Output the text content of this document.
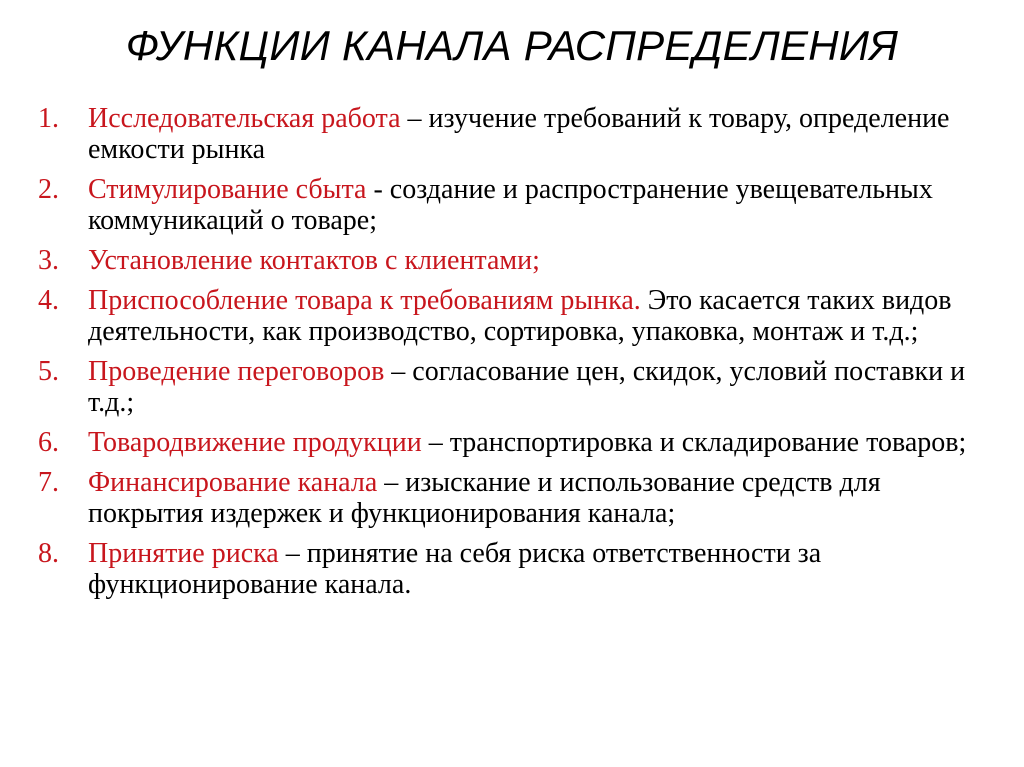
ФУНКЦИИ КАНАЛА РАСПРЕДЕЛЕНИЯ
1. Исследовательская работа – изучение требований к товару, определение емкости рынка
2. Стимулирование сбыта - создание и распространение увещевательных коммуникаций о товаре;
3. Установление контактов с клиентами;
4. Приспособление товара к требованиям рынка. Это касается таких видов деятельности, как производство, сортировка, упаковка, монтаж и т.д.;
5. Проведение переговоров – согласование цен, скидок, условий поставки и т.д.;
6. Товародвижение продукции – транспортировка и складирование товаров;
7. Финансирование канала – изыскание и использование средств для покрытия издержек и функционирования канала;
8. Принятие риска – принятие на себя риска ответственности за функционирование канала.
